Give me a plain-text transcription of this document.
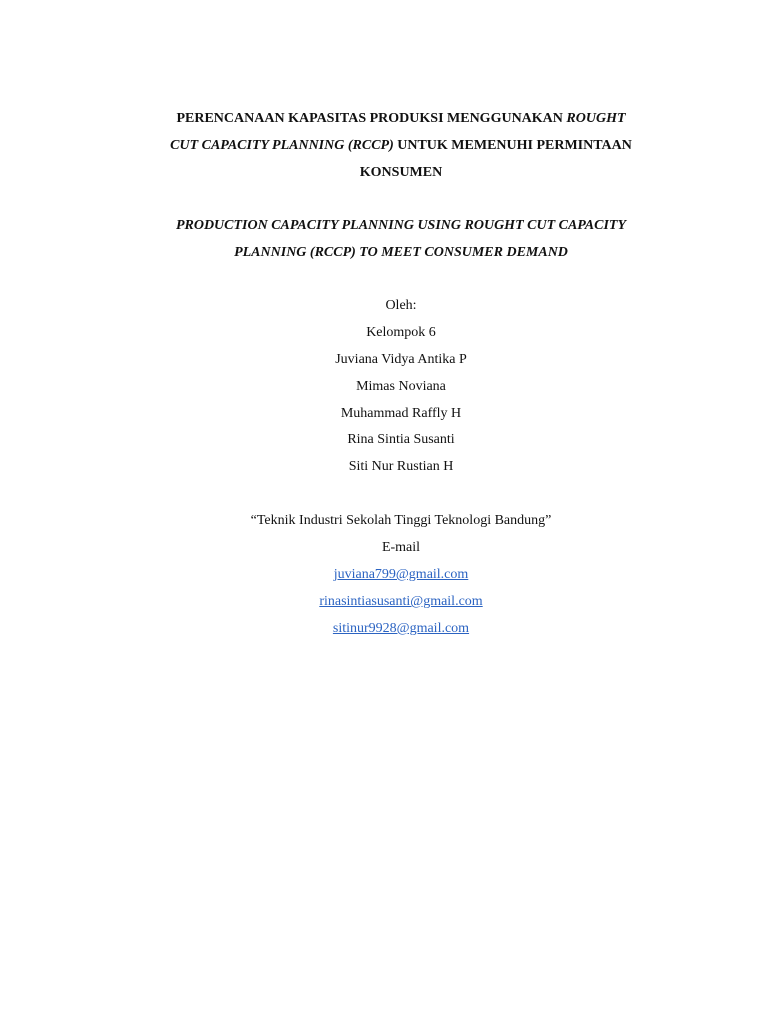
PERENCANAAN KAPASITAS PRODUKSI MENGGUNAKAN ROUGHT
CUT CAPACITY PLANNING (RCCP) UNTUK MEMENUHI PERMINTAAN
KONSUMEN
PRODUCTION CAPACITY PLANNING USING ROUGHT CUT CAPACITY
PLANNING (RCCP) TO MEET CONSUMER DEMAND
Oleh:
Kelompok 6
Juviana Vidya Antika P
Mimas Noviana
Muhammad Raffly H
Rina Sintia Susanti
Siti Nur Rustian H
“Teknik Industri Sekolah Tinggi Teknologi Bandung”
E-mail
juviana799@gmail.com
rinasintiasusanti@gmail.com
sitinur9928@gmail.com
